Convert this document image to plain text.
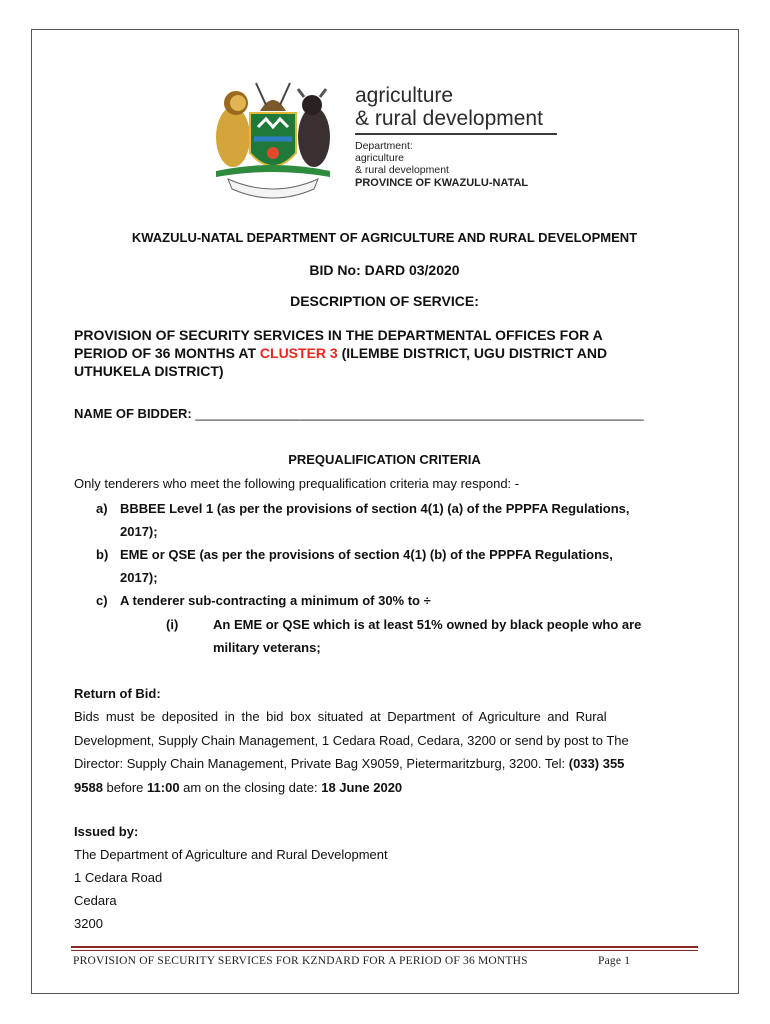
agriculture
& rural development
Department:
agriculture
& rural development
PROVINCE OF KWAZULU-NATAL
KWAZULU-NATAL DEPARTMENT OF AGRICULTURE AND RURAL DEVELOPMENT
BID No: DARD 03/2020
DESCRIPTION OF SERVICE:
PROVISION OF SECURITY SERVICES IN THE DEPARTMENTAL OFFICES FOR A
PERIOD OF 36 MONTHS AT CLUSTER 3 (ILEMBE DISTRICT, UGU DISTRICT AND
UTHUKELA DISTRICT)
NAME OF BIDDER: ______________________________________________________________
PREQUALIFICATION CRITERIA
Only tenderers who meet the following prequalification criteria may respond: -
a) BBBEE Level 1 (as per the provisions of section 4(1) (a) of the PPPFA Regulations,
2017);
b) EME or QSE (as per the provisions of section 4(1) (b) of the PPPFA Regulations,
2017);
c) A tenderer sub-contracting a minimum of 30% to ÷
(i)	An EME or QSE which is at least 51% owned by black people who are
military veterans;
Return of Bid:
Bids must be deposited in the bid box situated at Department of Agriculture and Rural
Development, Supply Chain Management, 1 Cedara Road, Cedara, 3200 or send by post to The
Director: Supply Chain Management, Private Bag X9059, Pietermaritzburg, 3200. Tel: (033) 355
9588 before 11:00 am on the closing date: 18 June 2020
Issued by:
The Department of Agriculture and Rural Development
1 Cedara Road
Cedara
3200
PROVISION OF SECURITY SERVICES FOR KZNDARD FOR A PERIOD OF 36 MONTHS	Page 1
